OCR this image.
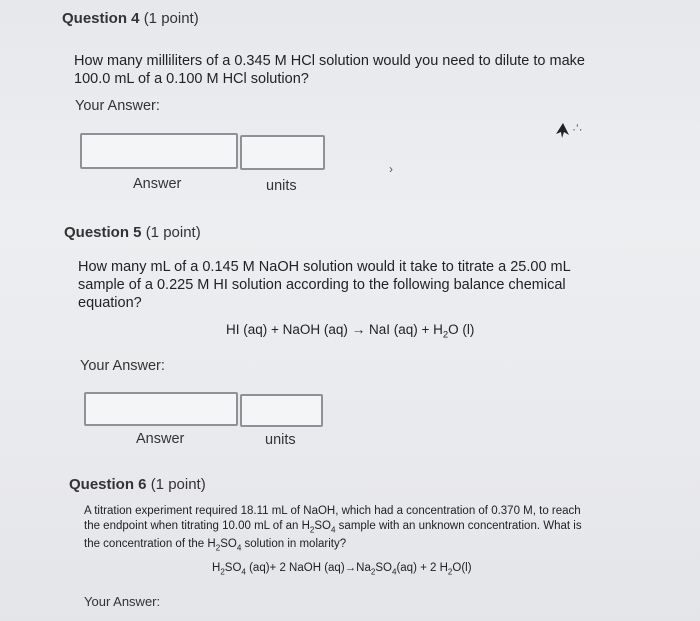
Question 4 (1 point)
How many milliliters of a 0.345 M HCl solution would you need to dilute to make
100.0 mL of a 0.100 M HCl solution?
Your Answer:
Answer	units
·ʼ·
›
Question 5 (1 point)
How many mL of a 0.145 M NaOH solution would it take to titrate a 25.00 mL
sample of a 0.225 M HI solution according to the following balance chemical
equation?
HI (aq) + NaOH (aq) → NaI $(aq) + H_2O$ (l)
Your Answer:
Answer	units
Question 6 (1 point)
A titration experiment required 18.11 mL of NaOH, which had a concentration of 0.370 M, to reach
the endpoint when titrating 10.00 mL of an $H_2SO_4$ sample with an unknown concentration. What is
the concentration of the $H_2SO_4$ solution in molarity?
$H_2SO_4$ (aq)+ 2 NaOH $(aq)\to Na_2SO_4(aq) + 2$ $H_2O(l)$
Your Answer:
